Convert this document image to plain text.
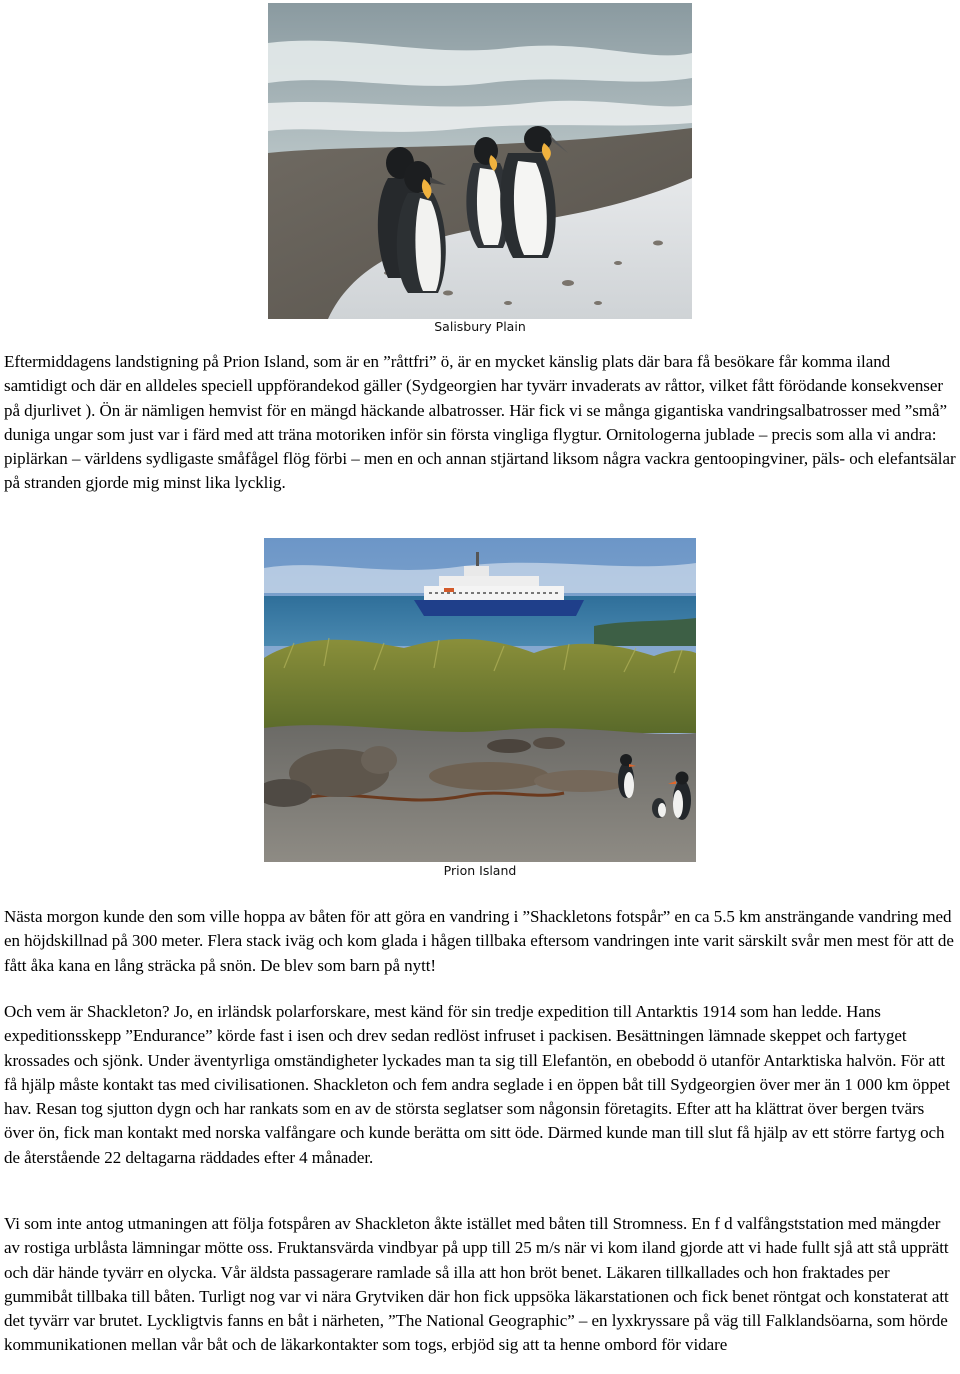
Salisbury Plain

Eftermiddagens landstigning på Prion Island, som är en ”råttfri” ö, är en mycket känslig plats där bara få besökare får komma iland samtidigt och där en alldeles speciell uppförandekod gäller (Sydgeorgien har tyvärr invaderats av råttor, vilket fått förödande konsekvenser på djurlivet ). Ön är nämligen hemvist för en mängd häckande albatrosser. Här fick vi se många gigantiska vandringsalbatrosser med ”små” duniga ungar som just var i färd med att träna motoriken inför sin första vingliga flygtur. Ornitologerna jublade – precis som alla vi andra: piplärkan – världens sydligaste småfågel flög förbi – men en och annan stjärtand liksom några vackra gentoopingviner, päls- och elefantsälar på stranden gjorde mig minst lika lycklig.

Prion Island

Nästa morgon kunde den som ville hoppa av båten för att göra en vandring i ”Shackletons fotspår” en ca 5.5 km ansträngande vandring med en höjdskillnad på 300 meter. Flera stack iväg och kom glada i hågen tillbaka eftersom vandringen inte varit särskilt svår men mest för att de fått åka kana en lång sträcka på snön. De blev som barn på nytt!

Och vem är Shackleton? Jo, en irländsk polarforskare, mest känd för sin tredje expedition till Antarktis 1914 som han ledde. Hans expeditionsskepp ”Endurance” körde fast i isen och drev sedan redlöst infruset i packisen. Besättningen lämnade skeppet och fartyget krossades och sjönk. Under äventyrliga omständigheter lyckades man ta sig till Elefantön, en obebodd ö utanför Antarktiska halvön. För att få hjälp måste kontakt tas med civilisationen. Shackleton och fem andra seglade i en öppen båt till Sydgeorgien över mer än 1 000 km öppet hav. Resan tog sjutton dygn och har rankats som en av de största seglatser som någonsin företagits. Efter att ha klättrat över bergen tvärs över ön, fick man kontakt med norska valfångare och kunde berätta om sitt öde. Därmed kunde man till slut få hjälp av ett större fartyg och de återstående 22 deltagarna räddades efter 4 månader.

Vi som inte antog utmaningen att följa fotspåren av Shackleton åkte istället med båten till Stromness. En f d valfångststation med mängder av rostiga urblåsta lämningar mötte oss. Fruktansvärda vindbyar på upp till 25 m/s när vi kom iland gjorde att vi hade fullt sjå att stå upprätt och där hände tyvärr en olycka. Vår äldsta passagerare ramlade så illa att hon bröt benet. Läkaren tillkallades och hon fraktades per gummibåt tillbaka till båten. Turligt nog var vi nära Grytviken där hon fick uppsöka läkarstationen och fick benet röntgat och konstaterat att det tyvärr var brutet. Lyckligtvis fanns en båt i närheten, ”The National Geographic” – en lyxkryssare på väg till Falklandsöarna, som hörde kommunikationen mellan vår båt och de läkarkontakter som togs, erbjöd sig att ta henne ombord för vidare
